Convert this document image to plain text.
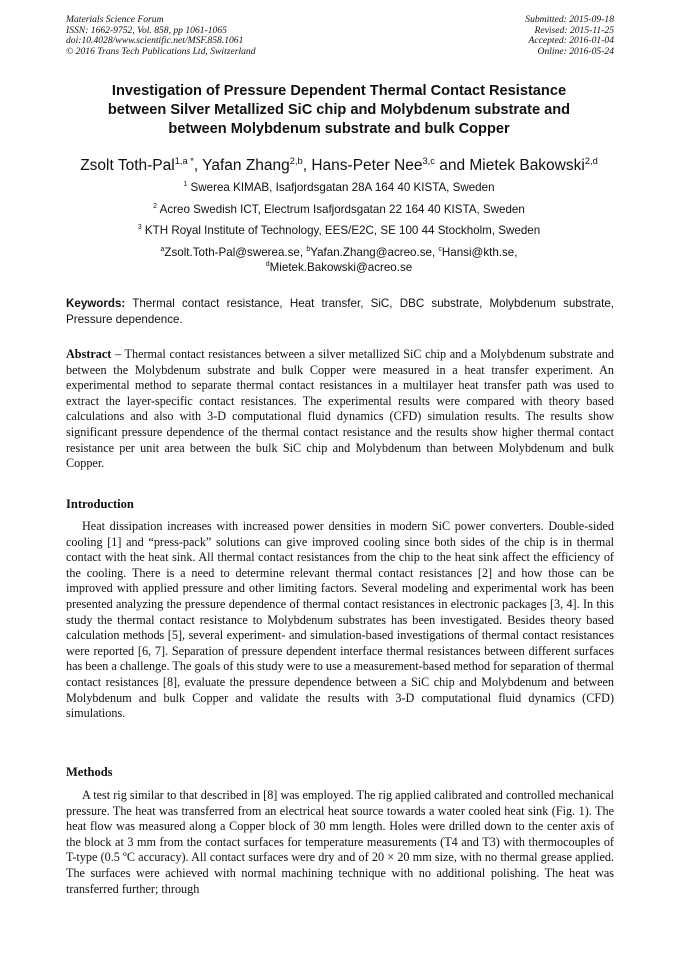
Materials Science Forum
ISSN: 1662-9752, Vol. 858, pp 1061-1065
doi:10.4028/www.scientific.net/MSF.858.1061
© 2016 Trans Tech Publications Ltd, Switzerland
Submitted: 2015-09-18
Revised: 2015-11-25
Accepted: 2016-01-04
Online: 2016-05-24
Investigation of Pressure Dependent Thermal Contact Resistance
between Silver Metallized SiC chip and Molybdenum substrate and
between Molybdenum substrate and bulk Copper
Zsolt Toth-Pal$^{1,a *}$, Yafan Zhang$^{2,b}$, Hans-Peter Nee$^{3,c}$ and Mietek Bakowski$^{2,d}$
$^1$ Swerea KIMAB, Isafjordsgatan 28A 164 40 KISTA, Sweden
$^2$ Acreo Swedish ICT, Electrum Isafjordsgatan 22 164 40 KISTA, Sweden
$^3$ KTH Royal Institute of Technology, EES/E2C, SE 100 44 Stockholm, Sweden
$^a$Zsolt.Toth-Pal@swerea.se, $^b$Yafan.Zhang@acreo.se, $^c$Hansi@kth.se,
$^d$Mietek.Bakowski@acreo.se
Keywords: Thermal contact resistance, Heat transfer, SiC, DBC substrate, Molybdenum substrate, Pressure dependence.

Abstract – Thermal contact resistances between a silver metallized SiC chip and a Molybdenum substrate and between the Molybdenum substrate and bulk Copper were measured in a heat transfer experiment. An experimental method to separate thermal contact resistances in a multilayer heat transfer path was used to extract the layer-specific contact resistances. The experimental results were compared with theory based calculations and also with 3-D computational fluid dynamics (CFD) simulation results. The results show significant pressure dependence of the thermal contact resistance and the results show higher thermal contact resistance per unit area between the bulk SiC chip and Molybdenum than between Molybdenum and bulk Copper.

Introduction

Heat dissipation increases with increased power densities in modern SiC power converters. Double-sided cooling [1] and “press-pack” solutions can give improved cooling since both sides of the chip is in thermal contact with the heat sink. All thermal contact resistances from the chip to the heat sink affect the efficiency of the cooling. There is a need to determine relevant thermal contact resistances [2] and how those can be improved with applied pressure and other limiting factors. Several modeling and experimental work has been presented analyzing the pressure dependence of thermal contact resistances in electronic packages [3, 4]. In this study the thermal contact resistance to Molybdenum substrates has been investigated. Besides theory based calculation methods [5], several experiment- and simulation-based investigations of thermal contact resistances were reported [6, 7]. Separation of pressure dependent interface thermal resistances between different surfaces has been a challenge. The goals of this study were to use a measurement-based method for separation of thermal contact resistances [8], evaluate the pressure dependence between a SiC chip and Molybdenum and between Molybdenum and bulk Copper and validate the results with 3-D computational fluid dynamics (CFD) simulations.

Methods

A test rig similar to that described in [8] was employed. The rig applied calibrated and controlled mechanical pressure. The heat was transferred from an electrical heat source towards a water cooled heat sink (Fig. 1). The heat flow was measured along a Copper block of 30 mm length. Holes were drilled down to the center axis of the block at 3 mm from the contact surfaces for temperature measurements (T4 and T3) with thermocouples of T-type (0.5 ºC accuracy). All contact surfaces were dry and of 20 × 20 mm size, with no thermal grease applied. The surfaces were achieved with normal machining technique with no additional polishing. The heat was transferred further; through
